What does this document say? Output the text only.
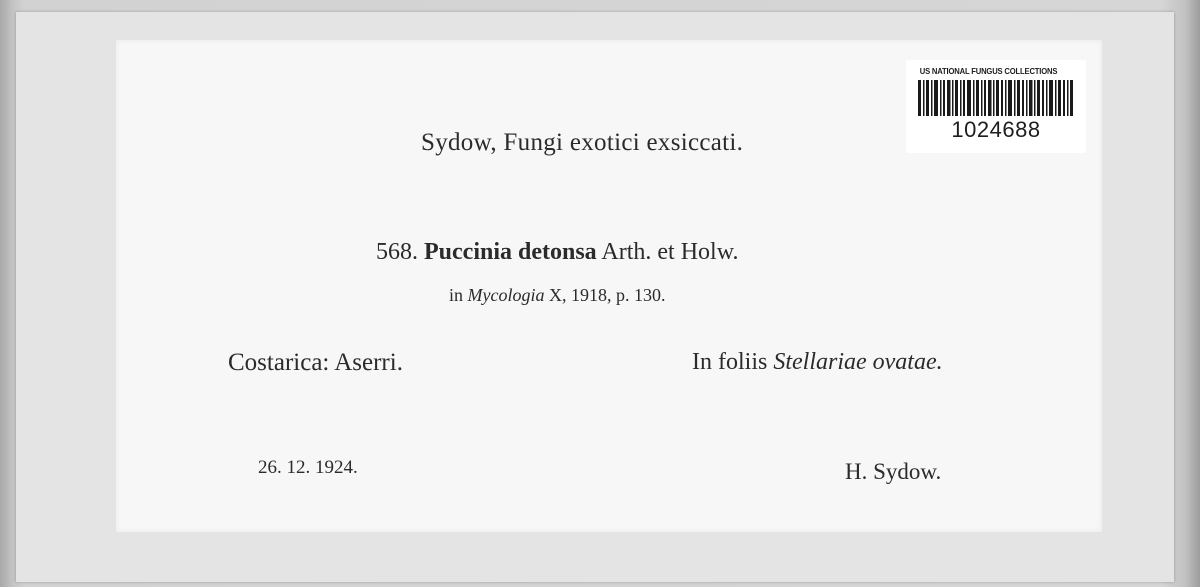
Sydow, Fungi exotici exsiccati.
568. Puccinia detonsa Arth. et Holw.
in Mycologia X, 1918, p. 130.
Costarica: Aserri.	In foliis Stellariae ovatae.
26. 12. 1924.	H. Sydow.
US NATIONAL FUNGUS COLLECTIONS
1024688
